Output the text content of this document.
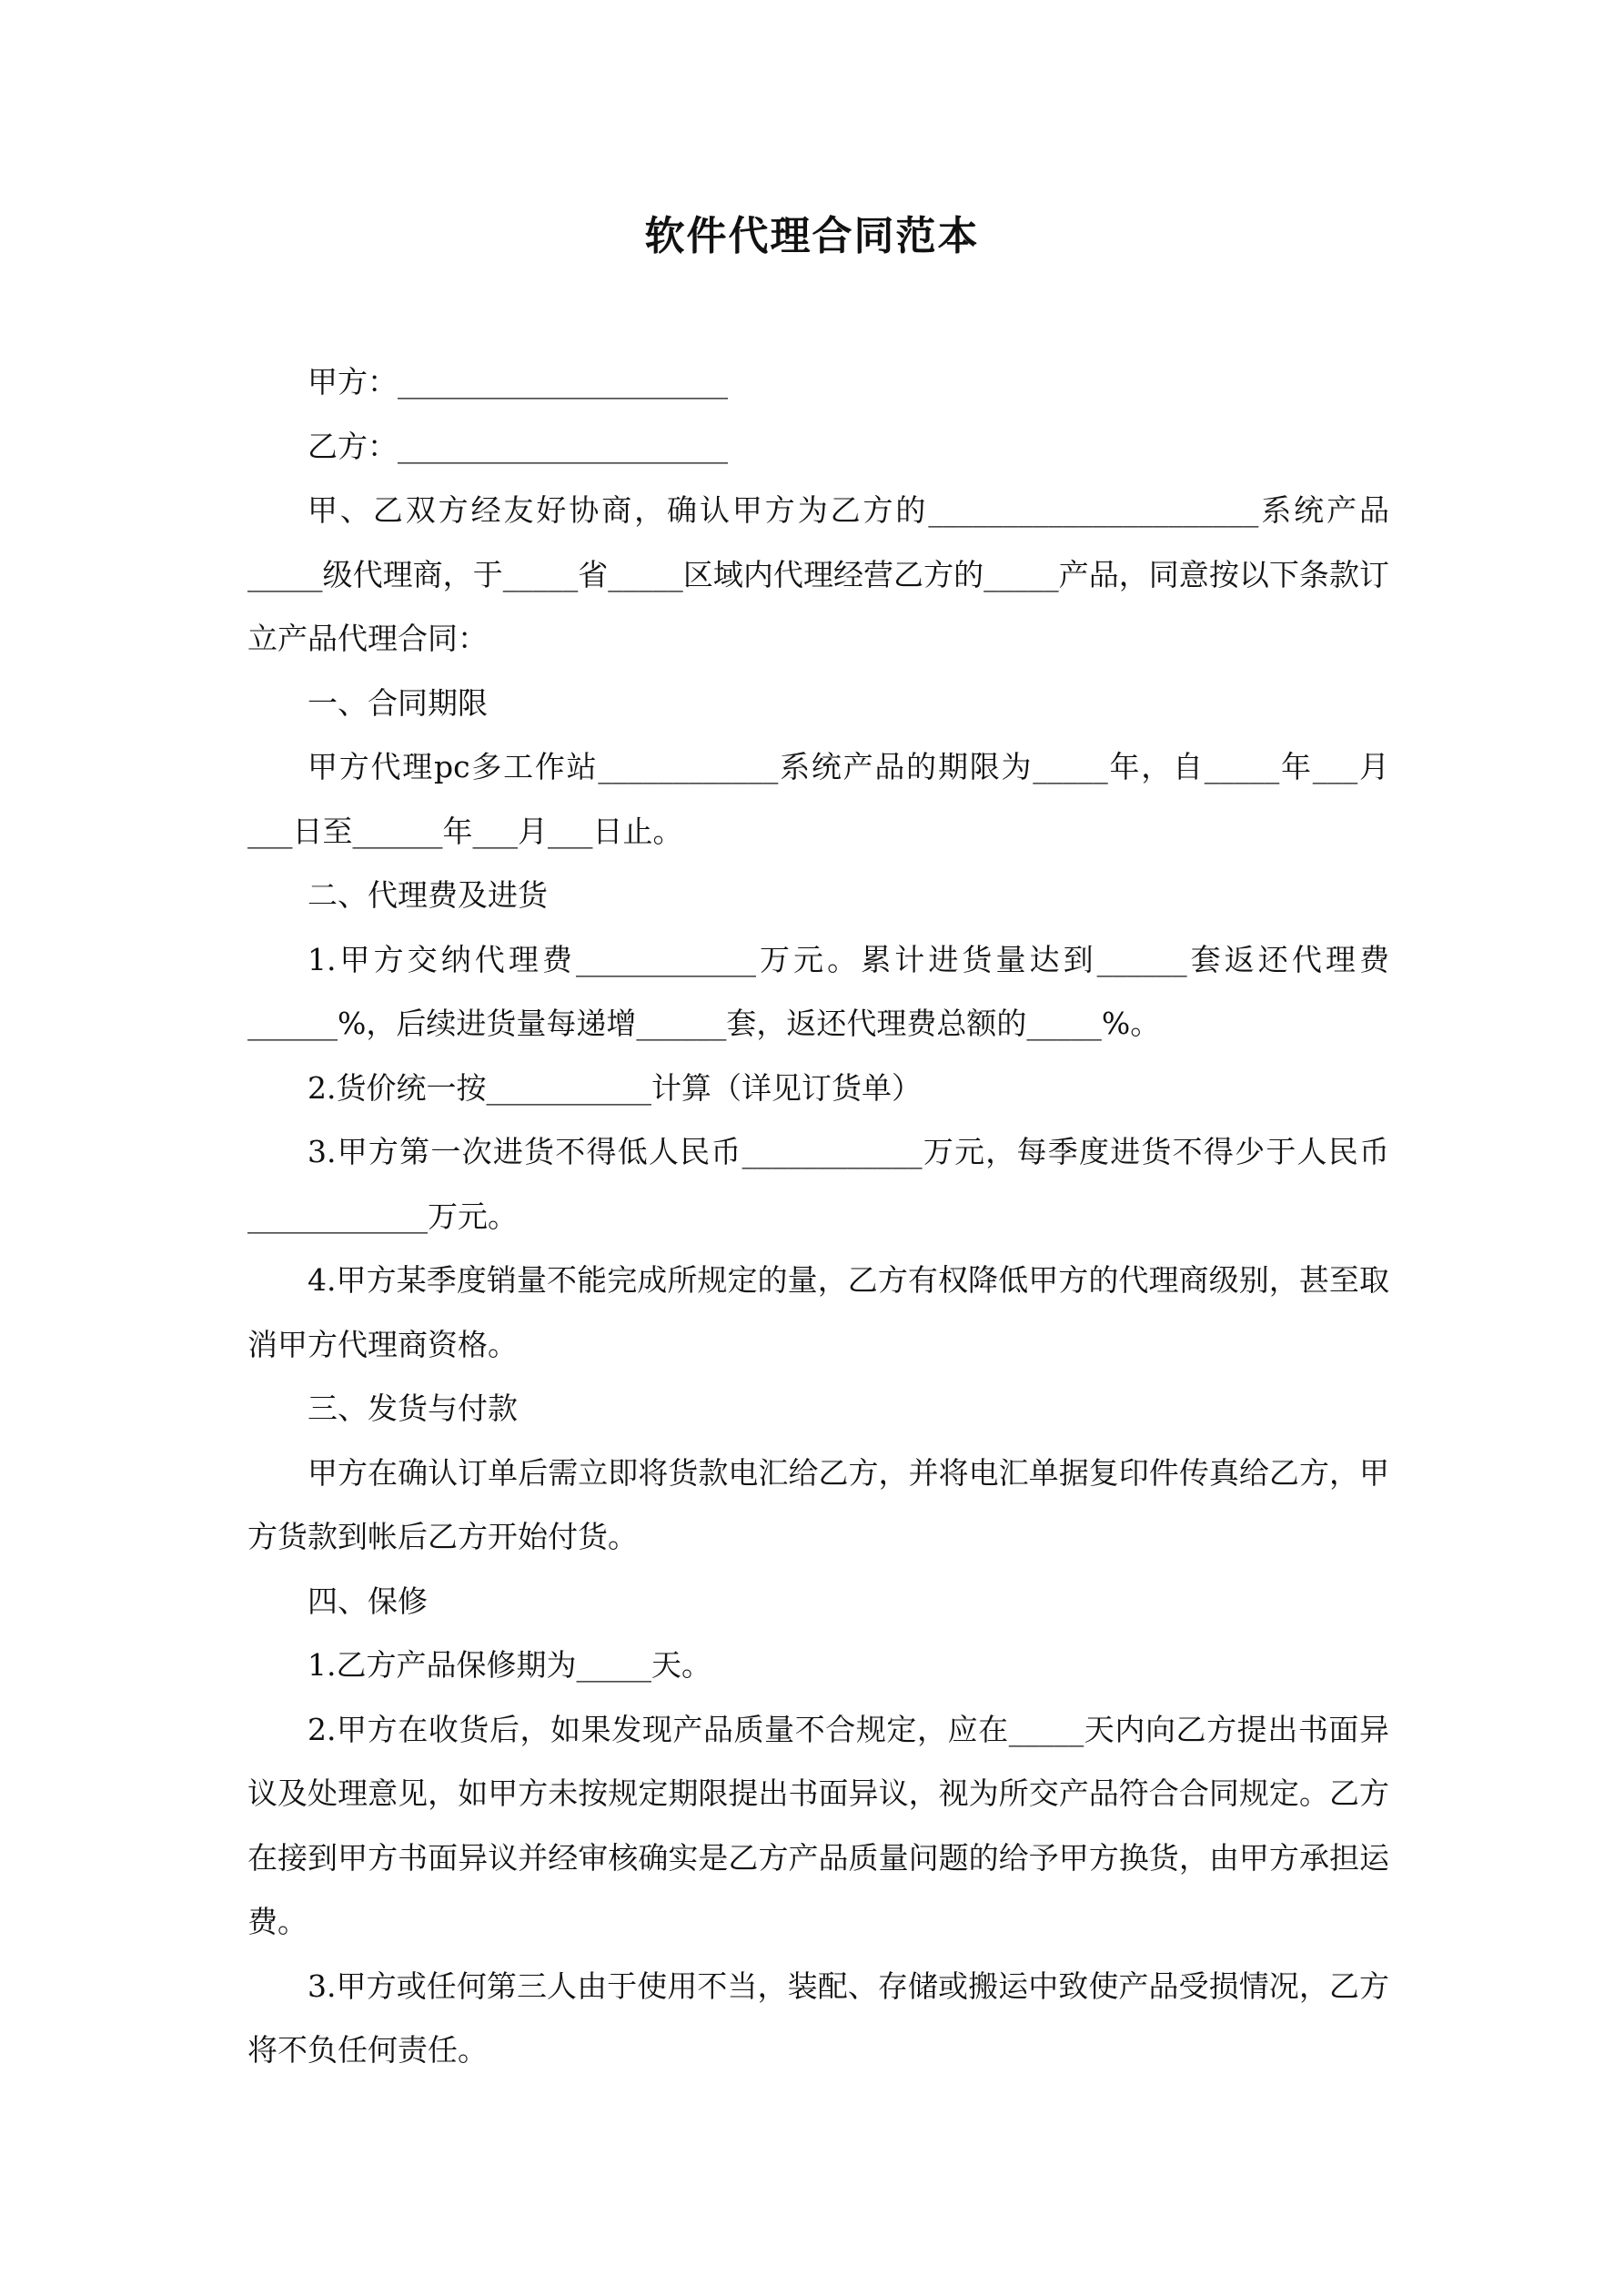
软件代理合同范本

甲方：______________________

乙方：______________________

甲、乙双方经友好协商，确认甲方为乙方的______________________系统产品_____级代理商，于_____省_____区域内代理经营乙方的_____产品，同意按以下条款订立产品代理合同：

一、合同期限

甲方代理pc多工作站____________系统产品的期限为_____年，自_____年___月___日至______年___月___日止。

二、代理费及进货

1.甲方交纳代理费____________万元。累计进货量达到______套返还代理费______%，后续进货量每递增______套，返还代理费总额的_____%。

2.货价统一按___________计算（详见订货单）

3.甲方第一次进货不得低人民币____________万元，每季度进货不得少于人民币____________万元。

4.甲方某季度销量不能完成所规定的量，乙方有权降低甲方的代理商级别，甚至取消甲方代理商资格。

三、发货与付款

甲方在确认订单后需立即将货款电汇给乙方，并将电汇单据复印件传真给乙方，甲方货款到帐后乙方开始付货。

四、保修

1.乙方产品保修期为_____天。

2.甲方在收货后，如果发现产品质量不合规定，应在_____天内向乙方提出书面异议及处理意见，如甲方未按规定期限提出书面异议，视为所交产品符合合同规定。乙方在接到甲方书面异议并经审核确实是乙方产品质量问题的给予甲方换货，由甲方承担运费。

3.甲方或任何第三人由于使用不当，装配、存储或搬运中致使产品受损情况，乙方将不负任何责任。
